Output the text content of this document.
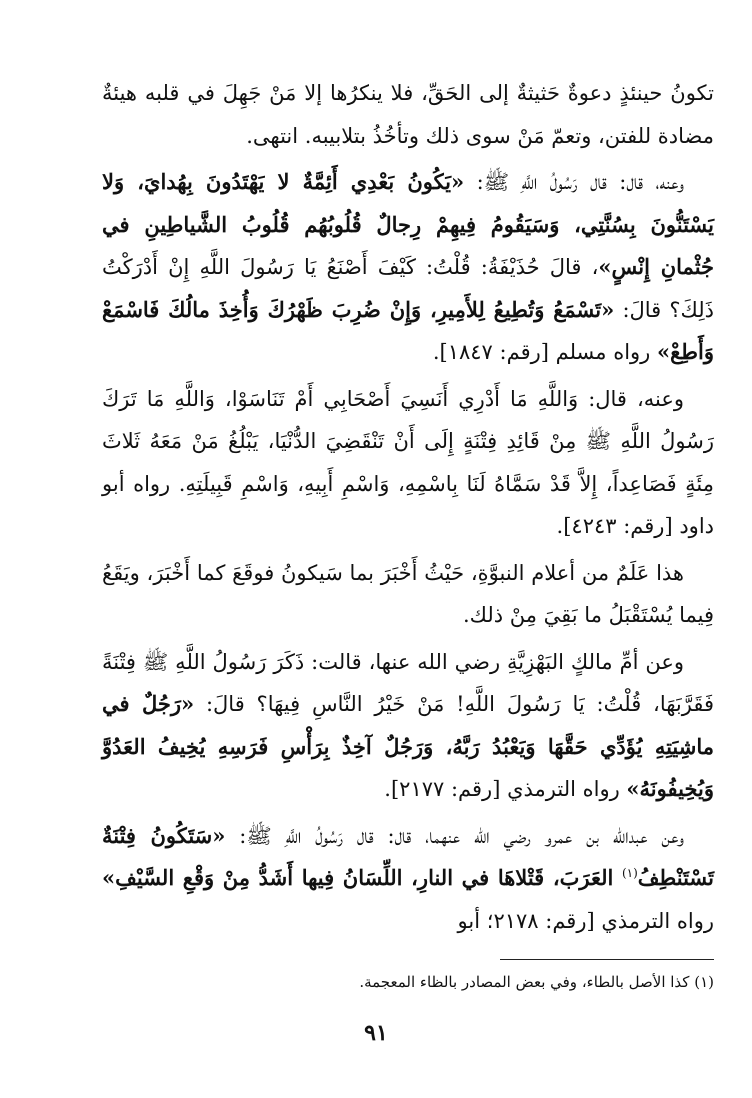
تكونُ حينئذٍ دعوةٌ حَثيثةٌ إلى الحَقِّ، فلا ينكرُها إلا مَنْ جَهِلَ في قلبه هيئةٌ مضادة للفتن، وتعمّ مَنْ سوى ذلك وتأخُذُ بتلابيبه. انتهى.

وعنه، قال: قال رَسُولُ اللَّهِ ﷺ: «يَكُونُ بَعْدِي أَئِمَّةٌ لا يَهْتَدُونَ بِهُدايَ، وَلا يَسْتَنُّونَ بِسُنَّتِي، وَسَيَقُومُ فِيهِمْ رِجالٌ قُلُوبُهُم قُلُوبُ الشَّياطِينِ في جُثْمانِ إِنْسٍ»، قالَ حُذَيْفَةُ: قُلْتُ: كَيْفَ أَصْنَعُ يَا رَسُولَ اللَّهِ إِنْ أَدْرَكْتُ ذَلِكَ؟ قالَ: «تَسْمَعُ وَتُطِيعُ لِلأَمِيرِ، وَإِنْ ضُرِبَ ظَهْرُكَ وَأُخِذَ مالُكَ فَاسْمَعْ وَأَطِعْ» رواه مسلم [رقم: ١٨٤٧].

وعنه، قال: وَاللَّهِ مَا أَدْرِي أَنَسِيَ أَصْحَابِي أَمْ تَنَاسَوْا، وَاللَّهِ مَا تَرَكَ رَسُولُ اللَّهِ ﷺ مِنْ قَائِدِ فِتْنَةٍ إِلَى أَنْ تَنْقَضِيَ الدُّنْيَا، يَبْلُغُ مَنْ مَعَهُ ثَلاثَ مِئَةٍ فَصَاعِداً، إِلاَّ قَدْ سَمَّاهُ لَنَا بِاسْمِهِ، وَاسْمِ أَبِيهِ، وَاسْمِ قَبِيلَتِهِ. رواه أبو داود [رقم: ٤٢٤٣].

هذا عَلَمٌ من أعلام النبوَّةِ، حَيْثُ أَخْبَرَ بما سَيكونُ فوقَعَ كما أَخْبَرَ، ويَقَعُ فِيما يُسْتَقْبَلُ ما بَقِيَ مِنْ ذلك.

وعن أمِّ مالكٍ البَهْزِيَّةِ رضي الله عنها، قالت: ذَكَرَ رَسُولُ اللَّهِ ﷺ فِتْنَةً فَقَرَّبَهَا، قُلْتُ: يَا رَسُولَ اللَّهِ! مَنْ خَيْرُ النَّاسِ فِيهَا؟ قالَ: «رَجُلٌ في ماشِيَتِهِ يُؤَدِّي حَقَّهَا وَيَعْبُدُ رَبَّهُ، وَرَجُلٌ آخِذٌ بِرَأْسِ فَرَسِهِ يُخِيفُ العَدُوَّ وَيُخِيفُونَهُ» رواه الترمذي [رقم: ٢١٧٧].

وعن عبدالله بن عمرو رضي الله عنهما، قال: قال رَسُولُ اللَّهِ ﷺ: «سَتَكُونُ فِتْنَةٌ تَسْتَنْطِفُ$^{(١)}$ العَرَبَ، قَتْلاهَا في النارِ، اللِّسَانُ فِيها أَشَدُّ مِنْ وَقْعِ السَّيْفِ» رواه الترمذي [رقم: ٢١٧٨؛ أبو

(١) كذا الأصل بالطاء، وفي بعض المصادر بالظاء المعجمة.
٩١
